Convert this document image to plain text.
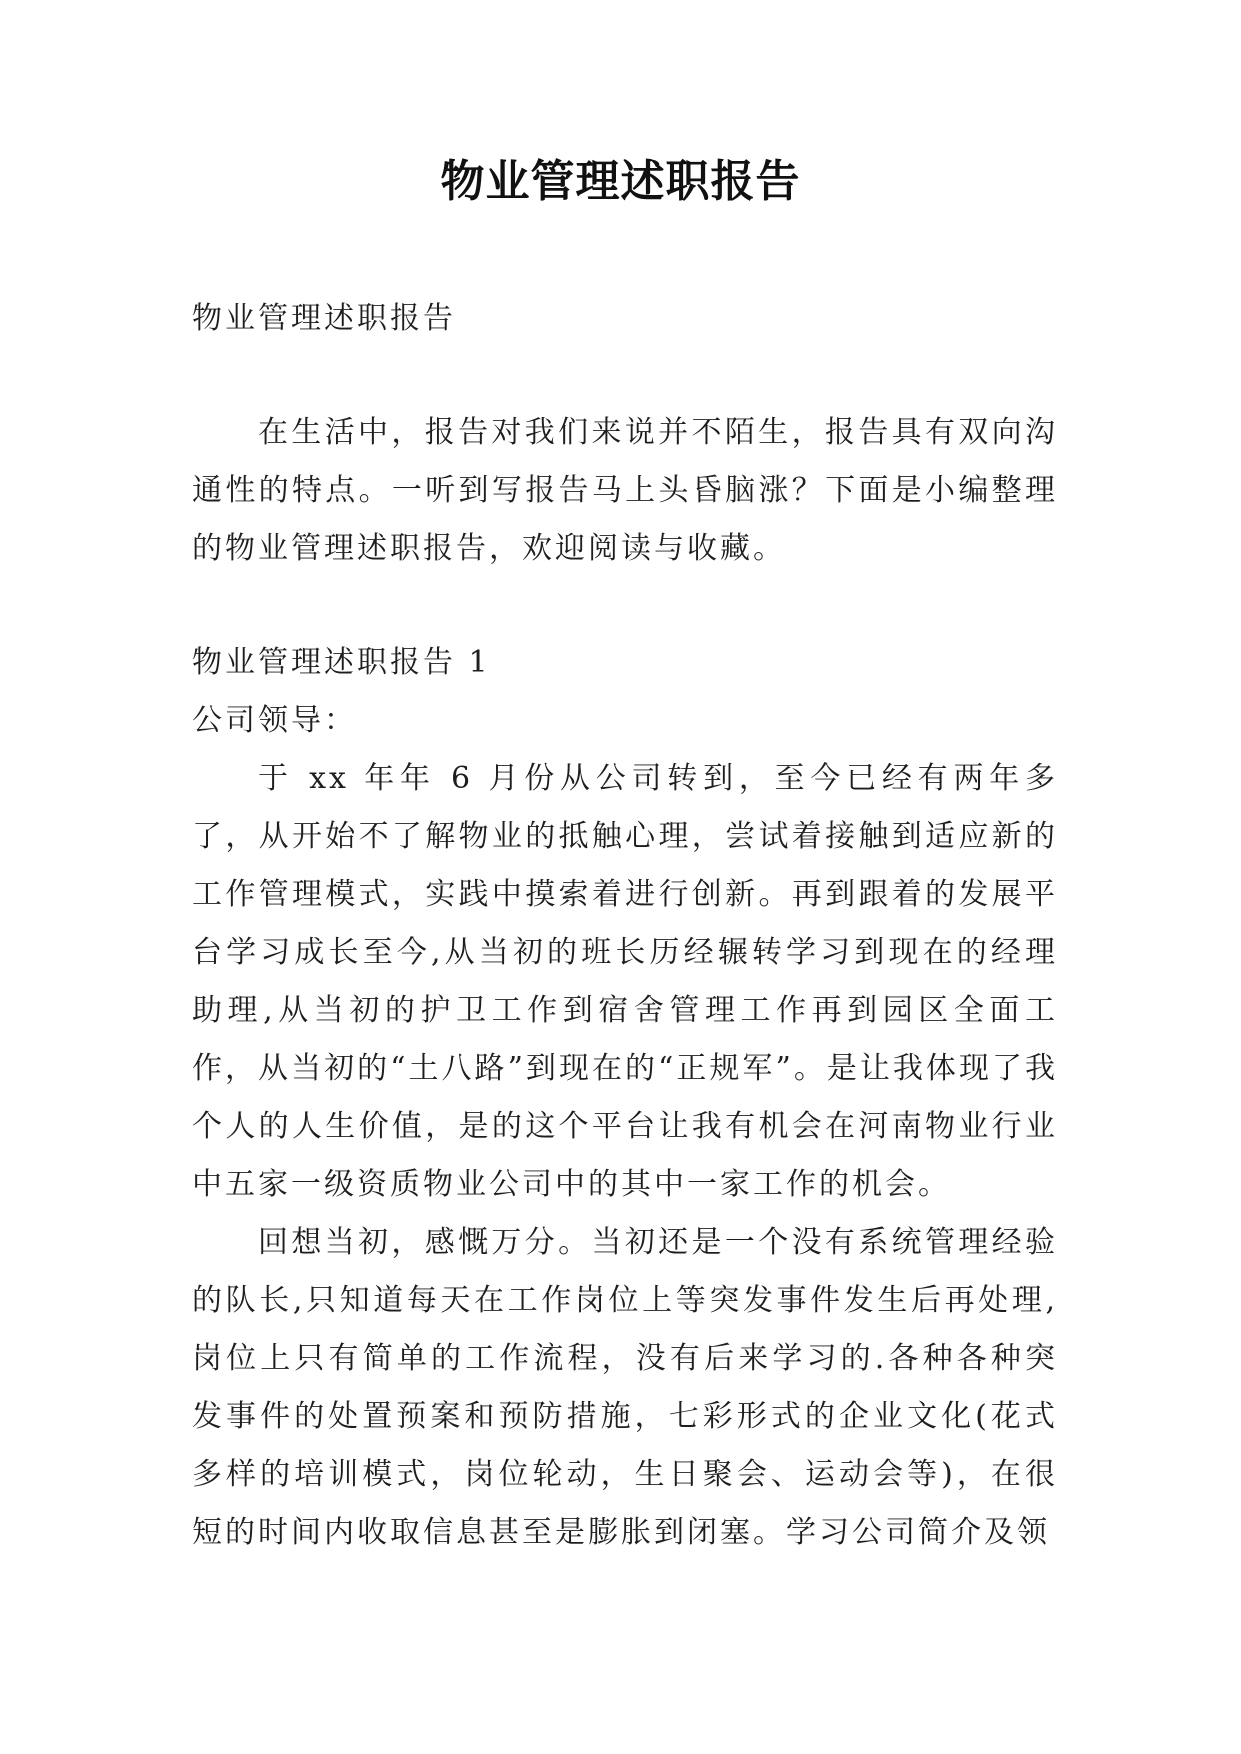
物业管理述职报告

物业管理述职报告

在生活中，报告对我们来说并不陌生，报告具有双向沟通性的特点。一听到写报告马上头昏脑涨？下面是小编整理的物业管理述职报告，欢迎阅读与收藏。

物业管理述职报告 1

公司领导：

于 xx 年年 6 月份从公司转到，至今已经有两年多了，从开始不了解物业的抵触心理，尝试着接触到适应新的工作管理模式，实践中摸索着进行创新。再到跟着的发展平台学习成长至今,从当初的班长历经辗转学习到现在的经理助理,从当初的护卫工作到宿舍管理工作再到园区全面工作，从当初的“土八路”到现在的“正规军”。是让我体现了我个人的人生价值，是的这个平台让我有机会在河南物业行业中五家一级资质物业公司中的其中一家工作的机会。

回想当初，感慨万分。当初还是一个没有系统管理经验的队长,只知道每天在工作岗位上等突发事件发生后再处理,岗位上只有简单的工作流程，没有后来学习的.各种各种突发事件的处置预案和预防措施，七彩形式的企业文化(花式多样的培训模式，岗位轮动，生日聚会、运动会等)，在很短的时间内收取信息甚至是膨胀到闭塞。学习公司简介及领
